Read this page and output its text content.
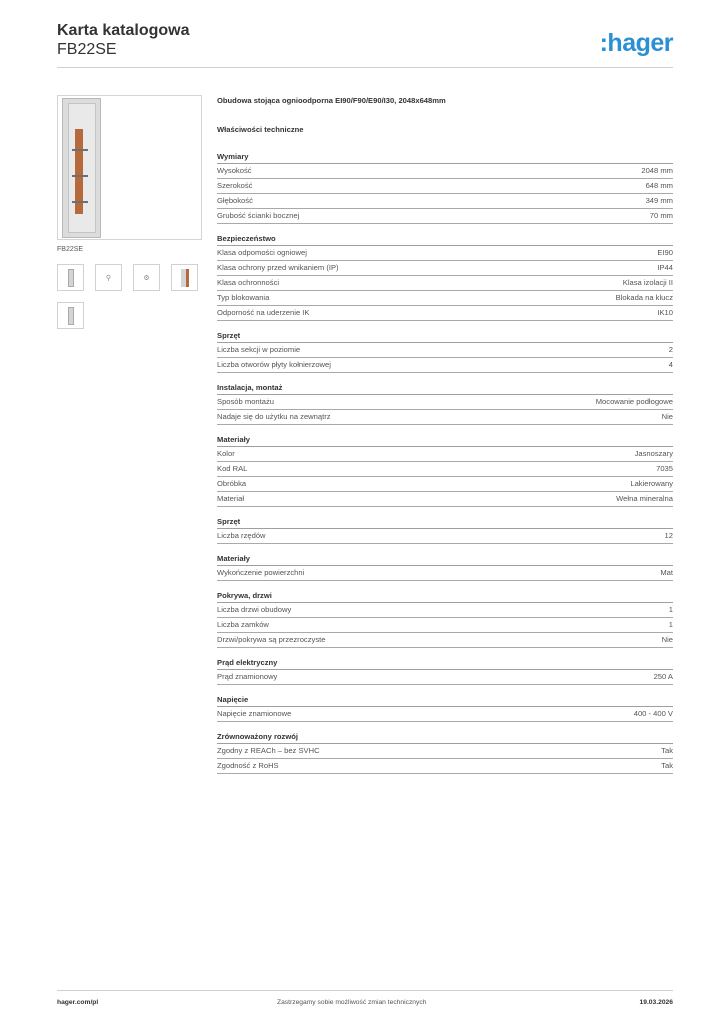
Karta katalogowa
FB22SE	:hager
FB22SE
⚲	⚙
Obudowa stojąca ognioodporna EI90/F90/E90/I30, 2048x648mm
Właściwości techniczne
Wymiary
Wysokość	2048 mm
Szerokość	648 mm
Głębokość	349 mm
Grubość ścianki bocznej	70 mm
Bezpieczeństwo
Klasa odpomości ogniowej	EI90
Klasa ochrony przed wnikaniem (IP)	IP44
Klasa ochronności	Klasa izolacji II
Typ blokowania	Blokada na klucz
Odporność na uderzenie IK	IK10
Sprzęt
Liczba sekcji w poziomie	2
Liczba otworów płyty kołnierzowej	4
Instalacja, montaż
Sposób montażu	Mocowanie podłogowe
Nadaje się do użytku na zewnątrz	Nie
Materiały
Kolor	Jasnoszary
Kod RAL	7035
Obróbka	Lakierowany
Materiał	Wełna mineralna
Sprzęt
Liczba rzędów	12
Materiały
Wykończenie powierzchni	Mat
Pokrywa, drzwi
Liczba drzwi obudowy	1
Liczba zamków	1
Drzwi/pokrywa są przezroczyste	Nie
Prąd elektryczny
Prąd znamionowy	250 A
Napięcie
Napięcie znamionowe	400 - 400 V
Zrównoważony rozwój
Zgodny z REACh – bez SVHC	Tak
Zgodność z RoHS	Tak
hager.com/pl	Zastrzegamy sobie możliwość zmian technicznych	19.03.2026
